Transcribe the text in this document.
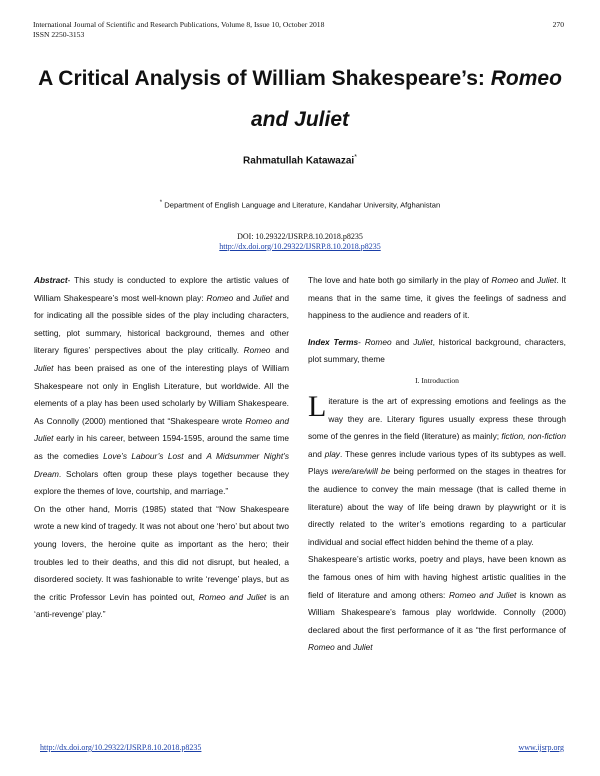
International Journal of Scientific and Research Publications, Volume 8, Issue 10, October 2018
ISSN 2250-3153
270
A Critical Analysis of William Shakespeare’s: Romeo
and Juliet
Rahmatullah Katawazai*
* Department of English Language and Literature, Kandahar University, Afghanistan
DOI: 10.29322/IJSRP.8.10.2018.p8235
http://dx.doi.org/10.29322/IJSRP.8.10.2018.p8235

Abstract- This study is conducted to explore the artistic values of William Shakespeare’s most well-known play: Romeo and Juliet and for indicating all the possible sides of the play including characters, setting, plot summary, historical background, themes and other literary figures’ perspectives about the play critically. Romeo and Juliet has been praised as one of the interesting plays of William Shakespeare not only in English Literature, but worldwide. All the elements of a play has been used scholarly by William Shakespeare. As Connolly (2000) mentioned that “Shakespeare wrote Romeo and Juliet early in his career, between 1594-1595, around the same time as the comedies Love’s Labour’s Lost and A Midsummer Night’s Dream. Scholars often group these plays together because they explore the themes of love, courtship, and marriage.”

On the other hand, Morris (1985) stated that “Now Shakespeare wrote a new kind of tragedy. It was not about one ‘hero’ but about two young lovers, the heroine quite as important as the hero; their troubles led to their deaths, and this did not disrupt, but healed, a disordered society. It was fashionable to write ‘revenge’ plays, but as the critic Professor Levin has pointed out, Romeo and Juliet is an ‘anti-revenge’ play.”

The love and hate both go similarly in the play of Romeo and Juliet. It means that in the same time, it gives the feelings of sadness and happiness to the audience and readers of it.

Index Terms- Romeo and Juliet, historical background, characters, plot summary, theme

I. Introduction

Literature is the art of expressing emotions and feelings as the way they are. Literary figures usually express these through some of the genres in the field (literature) as mainly; fiction, non-fiction and play. These genres include various types of its subtypes as well. Plays were/are/will be being performed on the stages in theatres for the audience to convey the main message (that is called theme in literature) about the way of life being drawn by playwright or it is directly related to the writer’s emotions regarding to a particular individual and social effect hidden behind the theme of a play.

Shakespeare’s artistic works, poetry and plays, have been known as the famous ones of him with having highest artistic qualities in the field of literature and among others: Romeo and Juliet is known as William Shakespeare’s famous play worldwide. Connolly (2000) declared about the first performance of it as “the first performance of Romeo and Juliet

http://dx.doi.org/10.29322/IJSRP.8.10.2018.p8235	www.ijsrp.org
